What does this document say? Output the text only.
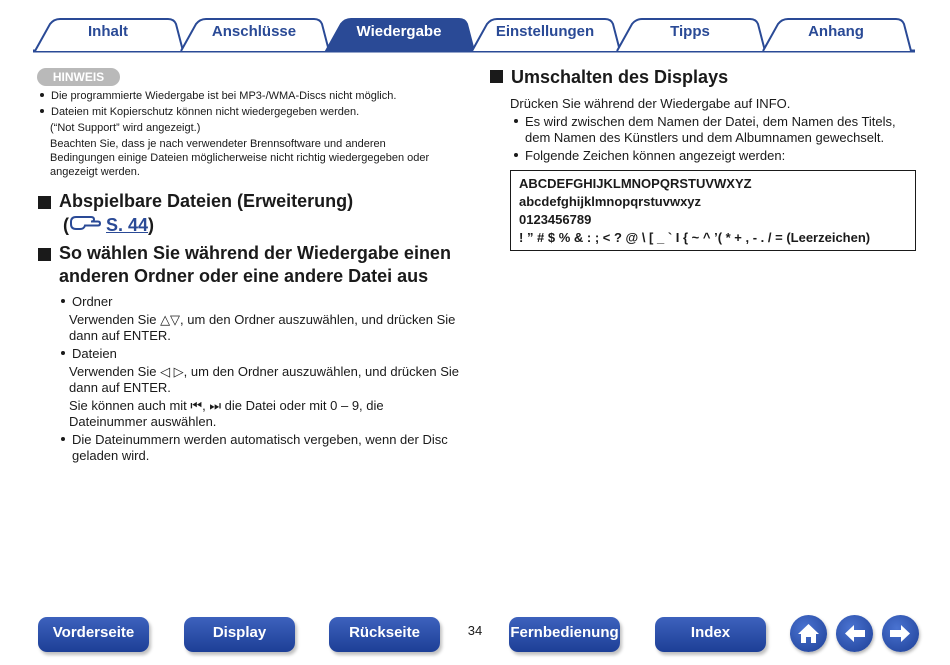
Inhalt	Anschlüsse	Wiedergabe	Einstellungen	Tipps	Anhang
HINWEIS
Die programmierte Wiedergabe ist bei MP3-/WMA-Discs nicht möglich.
Dateien mit Kopierschutz können nicht wiedergegeben werden.
(“Not Support” wird angezeigt.)
Beachten Sie, dass je nach verwendeter Brennsoftware und anderen
Bedingungen einige Dateien möglicherweise nicht richtig wiedergegeben oder
angezeigt werden.
Abspielbare Dateien (Erweiterung)
( S. 44)
So wählen Sie während der Wiedergabe einen
anderen Ordner oder eine andere Datei aus
Ordner
Verwenden Sie △▽, um den Ordner auszuwählen, und drücken Sie
dann auf ENTER.
Dateien
Verwenden Sie ◁ ▷, um den Ordner auszuwählen, und drücken Sie
dann auf ENTER.
Sie können auch mit ⏮, ⏭ die Datei oder mit 0 – 9, die
Dateinummer auswählen.
Die Dateinummern werden automatisch vergeben, wenn der Disc
geladen wird.
Umschalten des Displays
Drücken Sie während der Wiedergabe auf INFO.
Es wird zwischen dem Namen der Datei, dem Namen des Titels,
dem Namen des Künstlers und dem Albumnamen gewechselt.
Folgende Zeichen können angezeigt werden:
ABCDEFGHIJKLMNOPQRSTUVWXYZ
abcdefghijklmnopqrstuvwxyz
0123456789
! ” # $ % & : ; < ? @ \ [ _ ` I { ~ ^ ’( * + , - . / = (Leerzeichen)
Vorderseite	Display	Rückseite	34	Fernbedienung	Index
